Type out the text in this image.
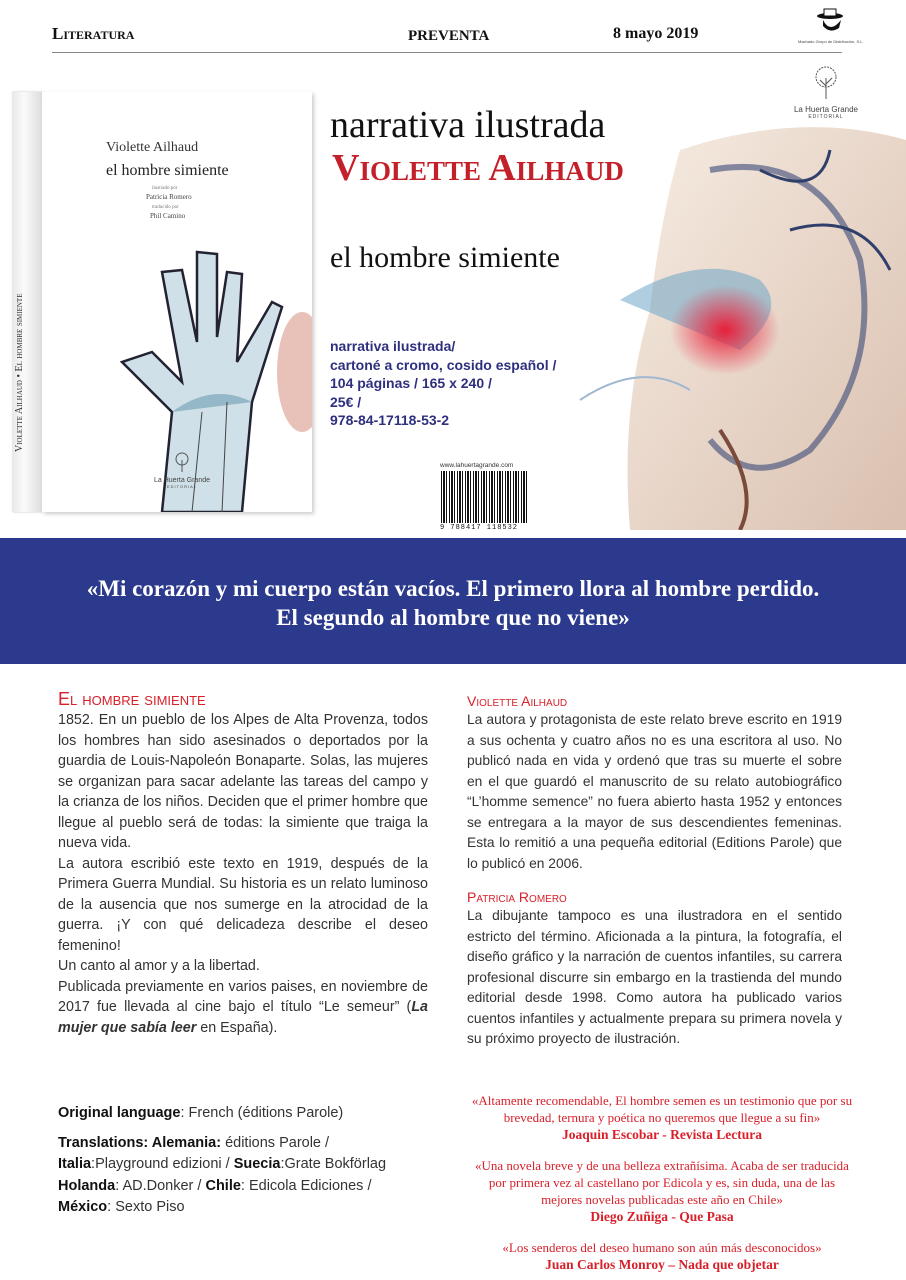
Literatura	PREVENTA	8 mayo 2019	Machado Grupo de Distribución, S.L.
La Huerta Grande
EDITORIAL
Violette Ailhaud • El hombre simiente
Violette Ailhaud
el hombre simiente
ilustrado por
Patricia Romero
traducido por
Phil Camino
La Huerta Grande
EDITORIAL
narrativa ilustrada
Violette Ailhaud
el hombre simiente
narrativa ilustrada/
cartoné a cromo, cosido español /
104 páginas / 165 x 240 /
25€ /
978-84-17118-53-2
www.lahuertagrande.com
9 788417 118532
«Mi corazón y mi cuerpo están vacíos. El primero llora al hombre perdido.
El segundo al hombre que no viene»
El hombre simiente
1852. En un pueblo de los Alpes de Alta Provenza, todos los hombres han sido asesinados o deportados por la guardia de Louis-Napoleón Bonaparte. Solas, las mujeres se organizan para sacar adelante las tareas del campo y la crianza de los niños. Deciden que el primer hombre que llegue al pueblo será de todas: la simiente que traiga la nueva vida.
La autora escribió este texto en 1919, después de la Primera Guerra Mundial. Su historia es un relato luminoso de la ausencia que nos sumerge en la atrocidad de la guerra. ¡Y con qué delicadeza describe el deseo femenino!
Un canto al amor y a la libertad.
Publicada previamente en varios paises, en noviembre de 2017 fue llevada al cine bajo el título “Le semeur” (La mujer que sabía leer en España).
Original language: French (éditions Parole)
Translations: Alemania: éditions Parole /
Italia:Playground edizioni / Suecia:Grate Bokförlag
Holanda: AD.Donker / Chile: Edicola Ediciones /
México: Sexto Piso
Violette Ailhaud
La autora y protagonista de este relato breve escrito en 1919 a sus ochenta y cuatro años no es una escritora al uso. No publicó nada en vida y ordenó que tras su muerte el sobre en el que guardó el manuscrito de su relato autobiográfico “L’homme semence” no fuera abierto hasta 1952 y entonces se entregara a la mayor de sus descendientes femeninas. Esta lo remitió a una pequeña editorial (Editions Parole) que lo publicó en 2006.
Patricia Romero
La dibujante tampoco es una ilustradora en el sentido estricto del término. Aficionada a la pintura, la fotografía, el diseño gráfico y la narración de cuentos infantiles, su carrera profesional discurre sin embargo en la trastienda del mundo editorial desde 1998. Como autora ha publicado varios cuentos infantiles y actualmente prepara su primera novela y su próximo proyecto de ilustración.
«Altamente recomendable, El hombre semen es un testimonio que por su brevedad, ternura y poética no queremos que llegue a su fin»
Joaquin Escobar - Revista Lectura
«Una novela breve y de una belleza extrañísima. Acaba de ser traducida por primera vez al castellano por Edicola y es, sin duda, una de las mejores novelas publicadas este año en Chile»
Diego Zuñiga - Que Pasa
«Los senderos del deseo humano son aún más desconocidos»
Juan Carlos Monroy – Nada que objetar
